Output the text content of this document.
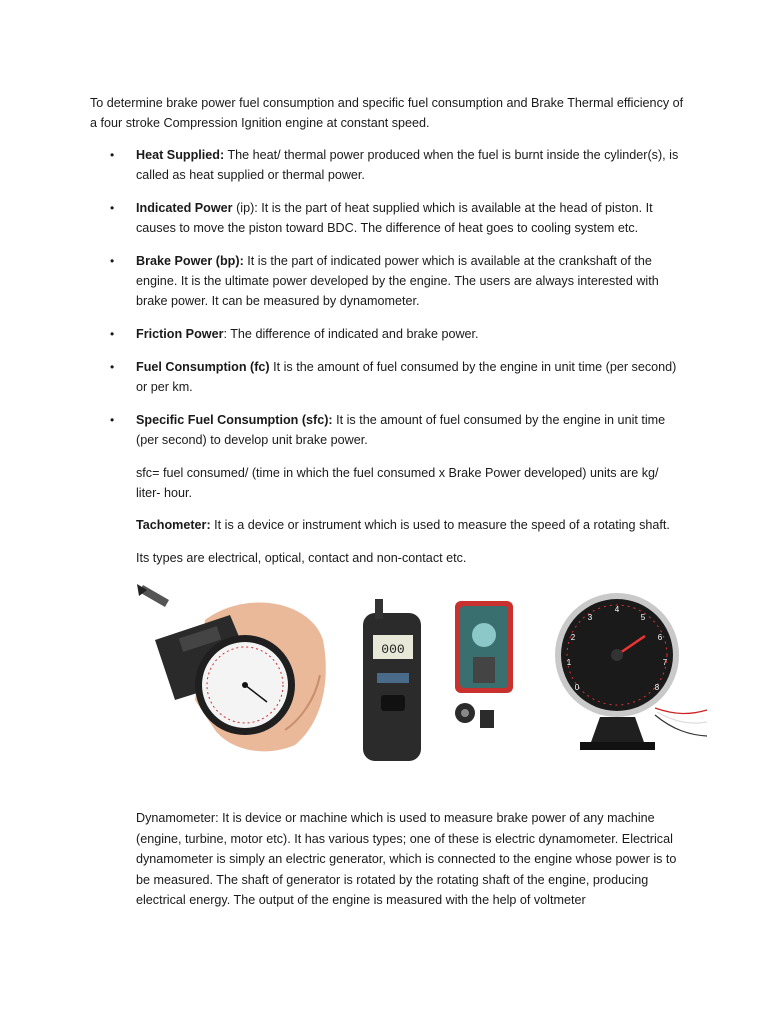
To determine brake power fuel consumption and specific fuel consumption and Brake Thermal efficiency of a four stroke Compression Ignition engine at constant speed.

• Heat Supplied: The heat/ thermal power produced when the fuel is burnt inside the cylinder(s), is called as heat supplied or thermal power.
• Indicated Power (ip): It is the part of heat supplied which is available at the head of piston. It causes to move the piston toward BDC. The difference of heat goes to cooling system etc.
• Brake Power (bp): It is the part of indicated power which is available at the crankshaft of the engine. It is the ultimate power developed by the engine. The users are always interested with brake power. It can be measured by dynamometer.
• Friction Power: The difference of indicated and brake power.
• Fuel Consumption (fc) It is the amount of fuel consumed by the engine in unit time (per second) or per km.
• Specific Fuel Consumption (sfc): It is the amount of fuel consumed by the engine in unit time (per second) to develop unit brake power.

sfc= fuel consumed/ (time in which the fuel consumed x Brake Power developed) units are kg/ liter- hour.

Tachometer: It is a device or instrument which is used to measure the speed of a rotating shaft.

Its types are electrical, optical, contact and non-contact etc.

000
0
1
2
3
4
5
6
7
8

Dynamometer: It is device or machine which is used to measure brake power of any machine (engine, turbine, motor etc). It has various types; one of these is electric dynamometer. Electrical dynamometer is simply an electric generator, which is connected to the engine whose power is to be measured. The shaft of generator is rotated by the rotating shaft of the engine, producing electrical energy. The output of the engine is measured with the help of voltmeter
